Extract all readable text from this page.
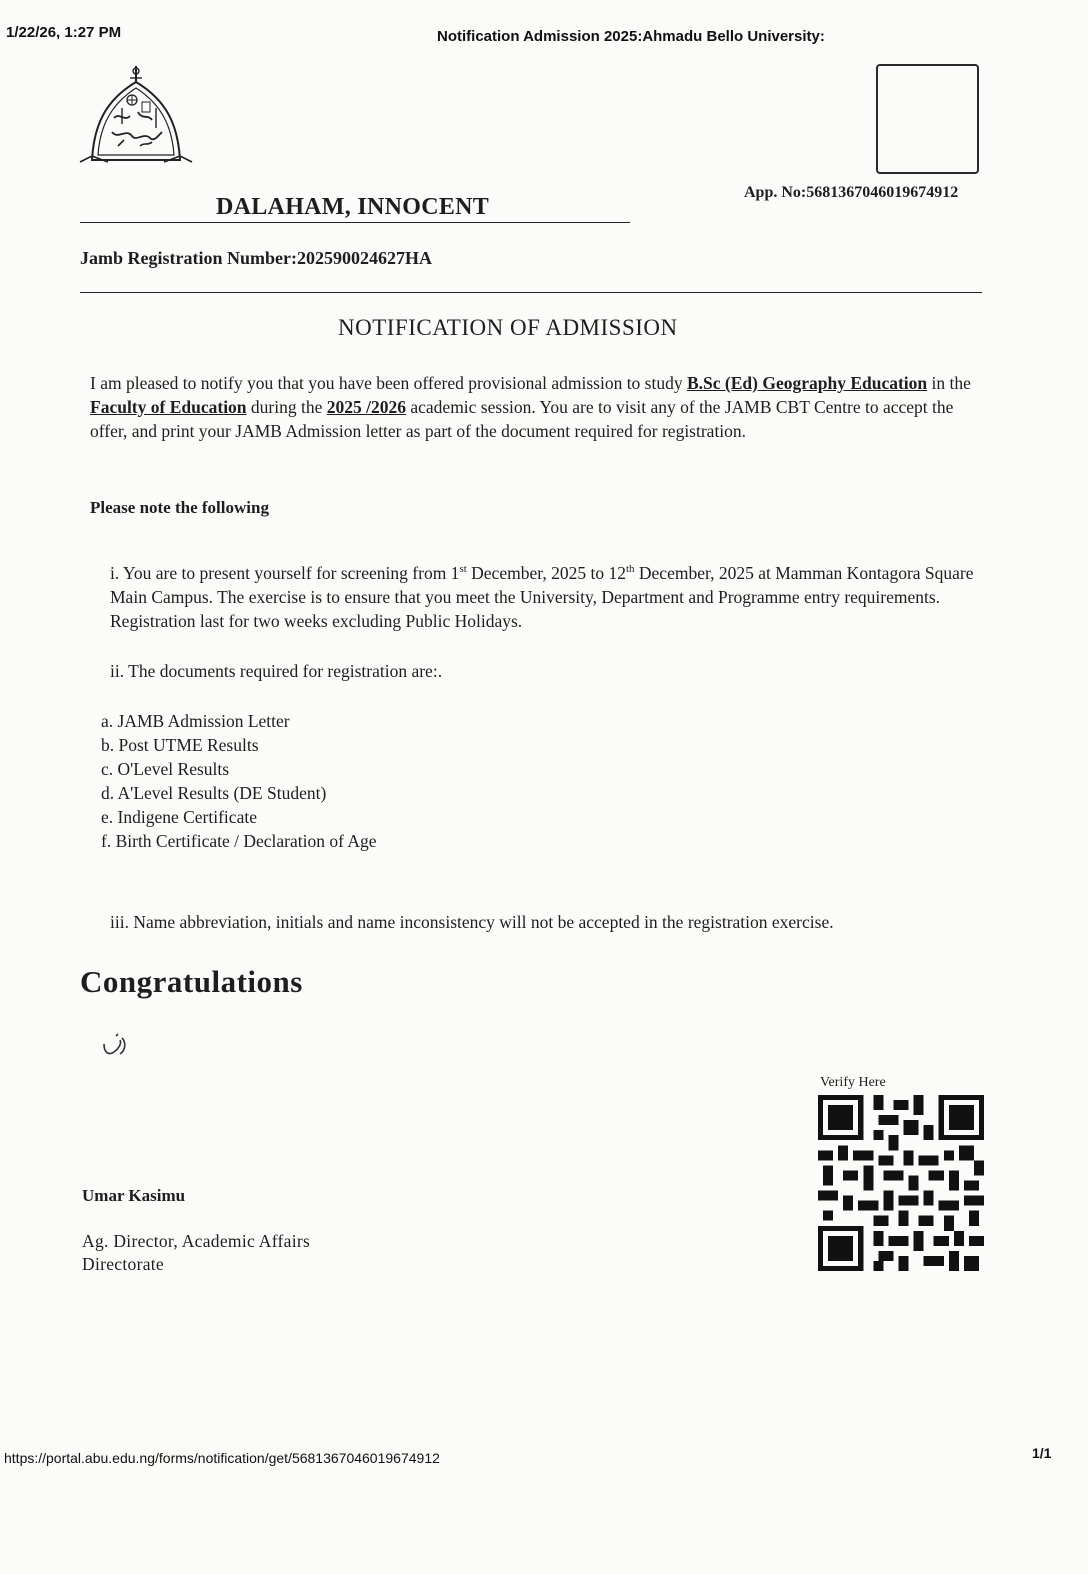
1/22/26, 1:27 PM	Notification Admission 2025:Ahmadu Bello University:
App. No:5681367046019674912
DALAHAM, INNOCENT
Jamb Registration Number:202590024627HA
NOTIFICATION OF ADMISSION

I am pleased to notify you that you have been offered provisional admission to study B.Sc (Ed) Geography Education in the Faculty of Education during the 2025 /2026 academic session. You are to visit any of the JAMB CBT Centre to accept the offer, and print your JAMB Admission letter as part of the document required for registration.

Please note the following

i. You are to present yourself for screening from 1st December, 2025 to 12th December, 2025 at Mamman Kontagora Square Main Campus. The exercise is to ensure that you meet the University, Department and Programme entry requirements. Registration last for two weeks excluding Public Holidays.

ii. The documents required for registration are:.
a. JAMB Admission Letter
b. Post UTME Results
c. O'Level Results
d. A'Level Results (DE Student)
e. Indigene Certificate
f. Birth Certificate / Declaration of Age
iii. Name abbreviation, initials and name inconsistency will not be accepted in the registration exercise.
Congratulations
Umar Kasimu
Ag. Director, Academic Affairs
Directorate
Verify Here
https://portal.abu.edu.ng/forms/notification/get/5681367046019674912	1/1
